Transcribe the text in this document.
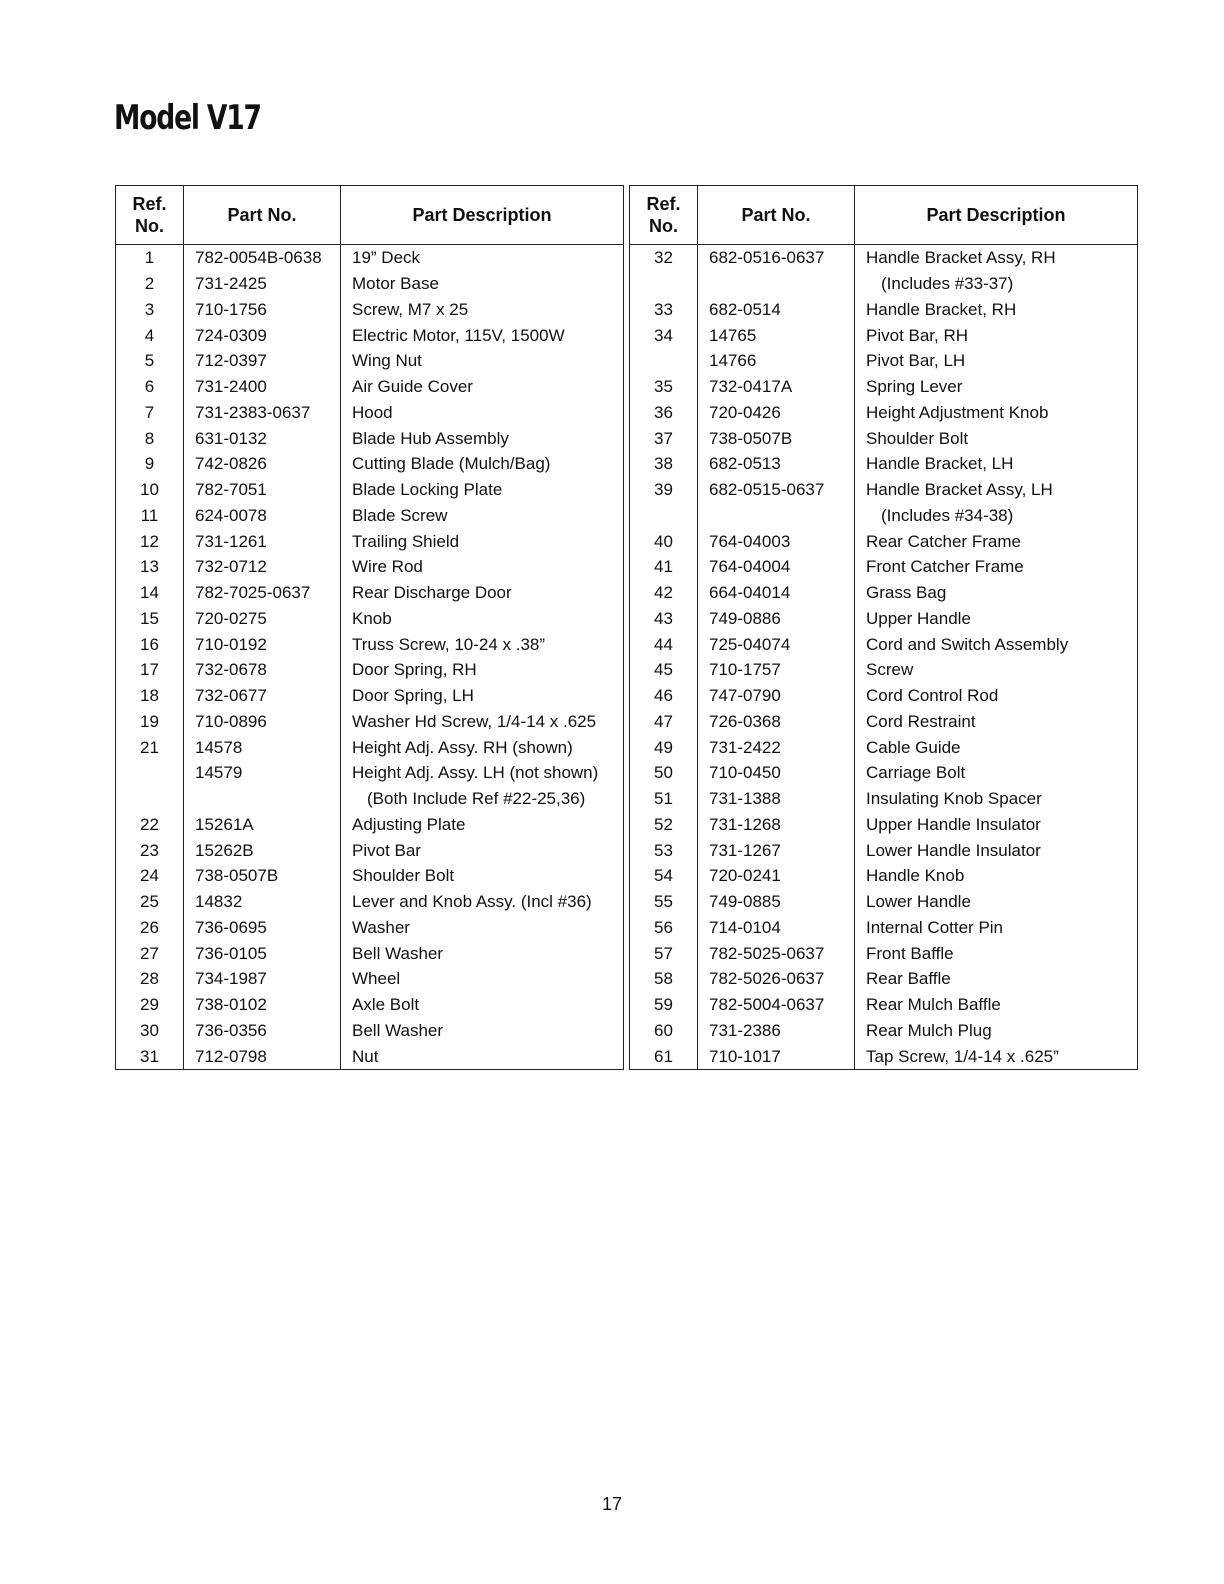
Model V17
Ref. No.	Part No.	Part Description
1	782-0054B-0638	19” Deck
2	731-2425	Motor Base
3	710-1756	Screw, M7 x 25
4	724-0309	Electric Motor, 115V, 1500W
5	712-0397	Wing Nut
6	731-2400	Air Guide Cover
7	731-2383-0637	Hood
8	631-0132	Blade Hub Assembly
9	742-0826	Cutting Blade (Mulch/Bag)
10	782-7051	Blade Locking Plate
11	624-0078	Blade Screw
12	731-1261	Trailing Shield
13	732-0712	Wire Rod
14	782-7025-0637	Rear Discharge Door
15	720-0275	Knob
16	710-0192	Truss Screw, 10-24 x .38”
17	732-0678	Door Spring, RH
18	732-0677	Door Spring, LH
19	710-0896	Washer Hd Screw, 1/4-14 x .625
21	14578	Height Adj. Assy. RH (shown)
	14579	Height Adj. Assy. LH (not shown)
		(Both Include Ref #22-25,36)
22	15261A	Adjusting Plate
23	15262B	Pivot Bar
24	738-0507B	Shoulder Bolt
25	14832	Lever and Knob Assy. (Incl #36)
26	736-0695	Washer
27	736-0105	Bell Washer
28	734-1987	Wheel
29	738-0102	Axle Bolt
30	736-0356	Bell Washer
31	712-0798	Nut
Ref. No.	Part No.	Part Description
32	682-0516-0637	Handle Bracket Assy, RH
		(Includes #33-37)
33	682-0514	Handle Bracket, RH
34	14765	Pivot Bar, RH
	14766	Pivot Bar, LH
35	732-0417A	Spring Lever
36	720-0426	Height Adjustment Knob
37	738-0507B	Shoulder Bolt
38	682-0513	Handle Bracket, LH
39	682-0515-0637	Handle Bracket Assy, LH
		(Includes #34-38)
40	764-04003	Rear Catcher Frame
41	764-04004	Front Catcher Frame
42	664-04014	Grass Bag
43	749-0886	Upper Handle
44	725-04074	Cord and Switch Assembly
45	710-1757	Screw
46	747-0790	Cord Control Rod
47	726-0368	Cord Restraint
49	731-2422	Cable Guide
50	710-0450	Carriage Bolt
51	731-1388	Insulating Knob Spacer
52	731-1268	Upper Handle Insulator
53	731-1267	Lower Handle Insulator
54	720-0241	Handle Knob
55	749-0885	Lower Handle
56	714-0104	Internal Cotter Pin
57	782-5025-0637	Front Baffle
58	782-5026-0637	Rear Baffle
59	782-5004-0637	Rear Mulch Baffle
60	731-2386	Rear Mulch Plug
61	710-1017	Tap Screw, 1/4-14 x .625”
17
